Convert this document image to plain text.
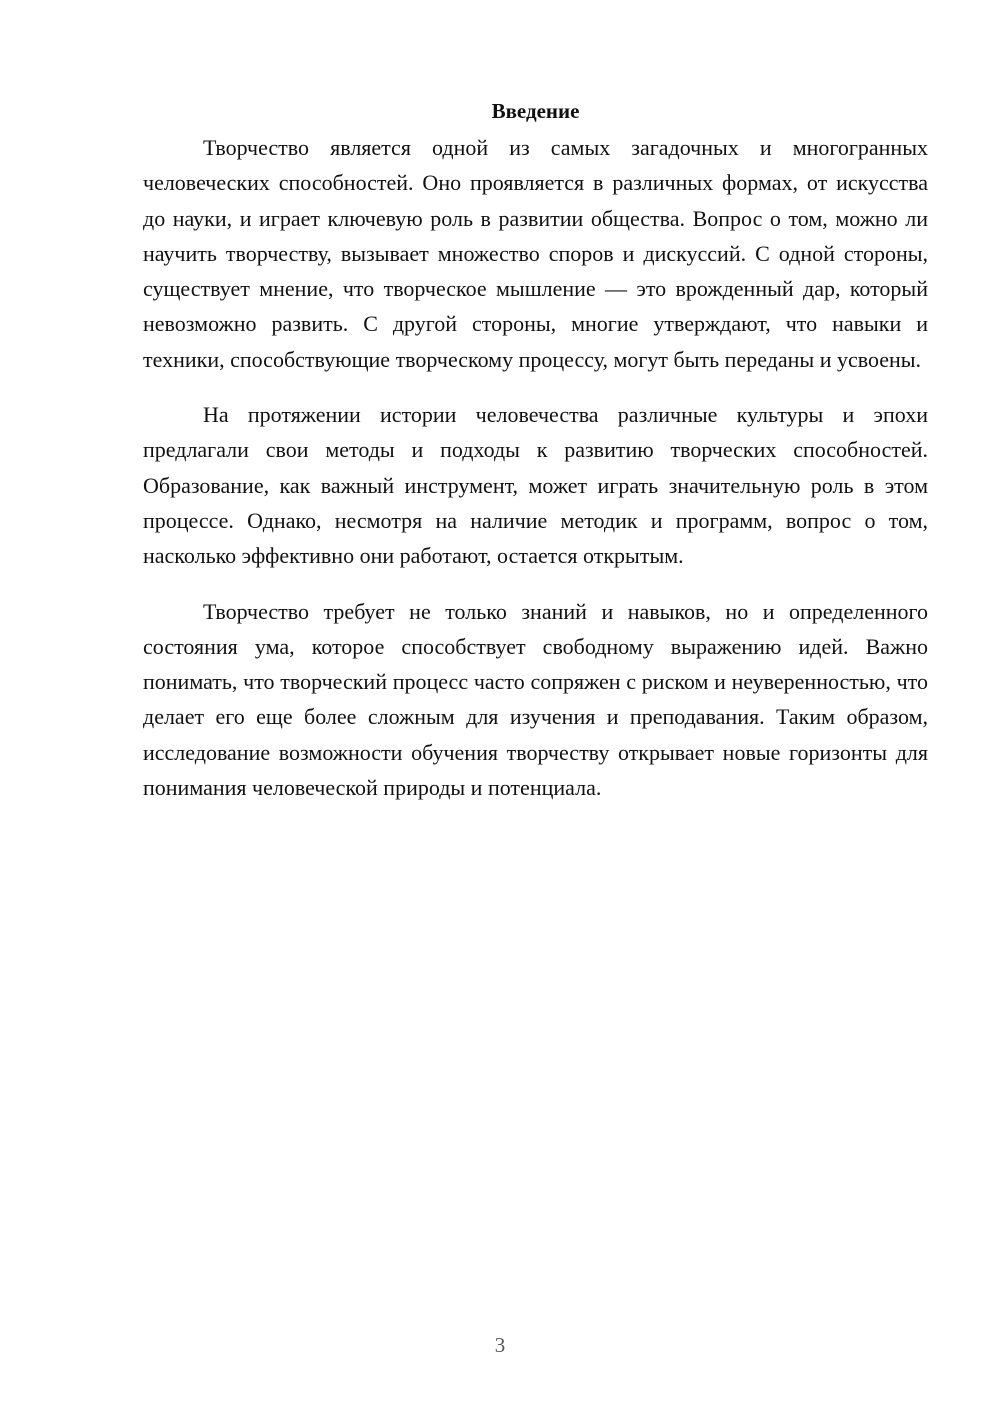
Введение

Творчество является одной из самых загадочных и многогранных человеческих способностей. Оно проявляется в различных формах, от искусства до науки, и играет ключевую роль в развитии общества. Вопрос о том, можно ли научить творчеству, вызывает множество споров и дискуссий. С одной стороны, существует мнение, что творческое мышление — это врожденный дар, который невозможно развить. С другой стороны, многие утверждают, что навыки и техники, способствующие творческому процессу, могут быть переданы и усвоены.

На протяжении истории человечества различные культуры и эпохи предлагали свои методы и подходы к развитию творческих способностей. Образование, как важный инструмент, может играть значительную роль в этом процессе. Однако, несмотря на наличие методик и программ, вопрос о том, насколько эффективно они работают, остается открытым.

Творчество требует не только знаний и навыков, но и определенного состояния ума, которое способствует свободному выражению идей. Важно понимать, что творческий процесс часто сопряжен с риском и неуверенностью, что делает его еще более сложным для изучения и преподавания. Таким образом, исследование возможности обучения творчеству открывает новые горизонты для понимания человеческой природы и потенциала.

3
